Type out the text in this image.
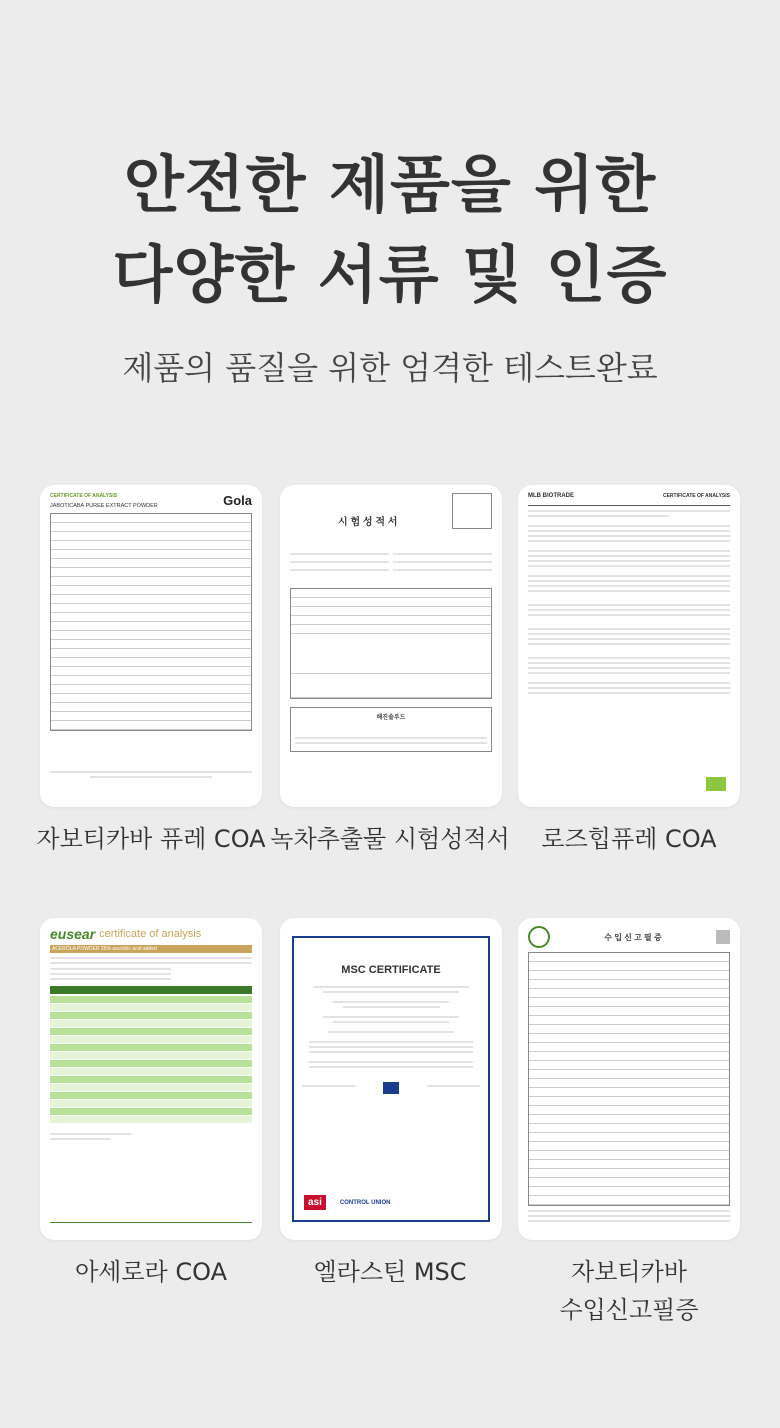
안전한 제품을 위한
다양한 서류 및 인증
제품의 품질을 위한 엄격한 테스트완료
CERTIFICATE OF ANALYSIS
JABOTICABA PUREE EXTRACT POWDER	Gola
자보티카바 퓨레 COA
시 험 성 적 서
해진솔루드
녹차추출물 시험성적서
MLB BIOTRADE	CERTIFICATE OF ANALYSIS
로즈힙퓨레 COA
eusear certificate of analysis
ACEROLA POWDER 25% ascorbic acid added
아세로라 COA
MSC CERTIFICATE
asi	CONTROL UNION
엘라스틴 MSC
수 입 신 고 필 증
자보티카바
수입신고필증
